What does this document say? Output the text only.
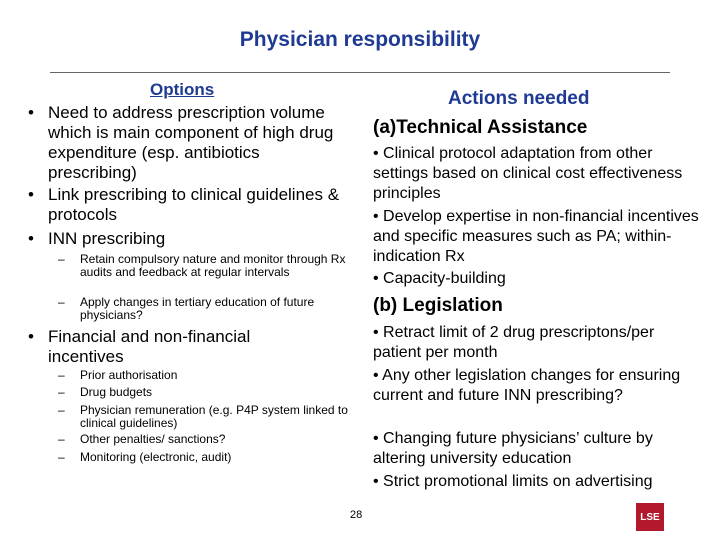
Physician responsibility
Options	Actions needed
• Need to address prescription volume which is main component of high drug expenditure (esp. antibiotics prescribing)
• Link prescribing to clinical guidelines & protocols
• INN prescribing
– Retain compulsory nature and monitor through Rx audits and feedback at regular intervals
– Apply changes in tertiary education of future physicians?
• Financial and non-financial incentives
– Prior authorisation
– Drug budgets
– Physician remuneration (e.g. P4P system linked to clinical guidelines)
– Other penalties/ sanctions?
– Monitoring (electronic, audit)
(a)Technical Assistance
• Clinical protocol adaptation from other settings based on clinical cost effectiveness principles
• Develop expertise in non-financial incentives and specific measures such as PA; within-indication Rx
• Capacity-building
(b) Legislation
• Retract limit of 2 drug prescriptons/per patient per month
• Any other legislation changes for ensuring current and future INN prescribing?
• Changing future physicians’ culture by altering university education
• Strict promotional limits on advertising
28	LSE
